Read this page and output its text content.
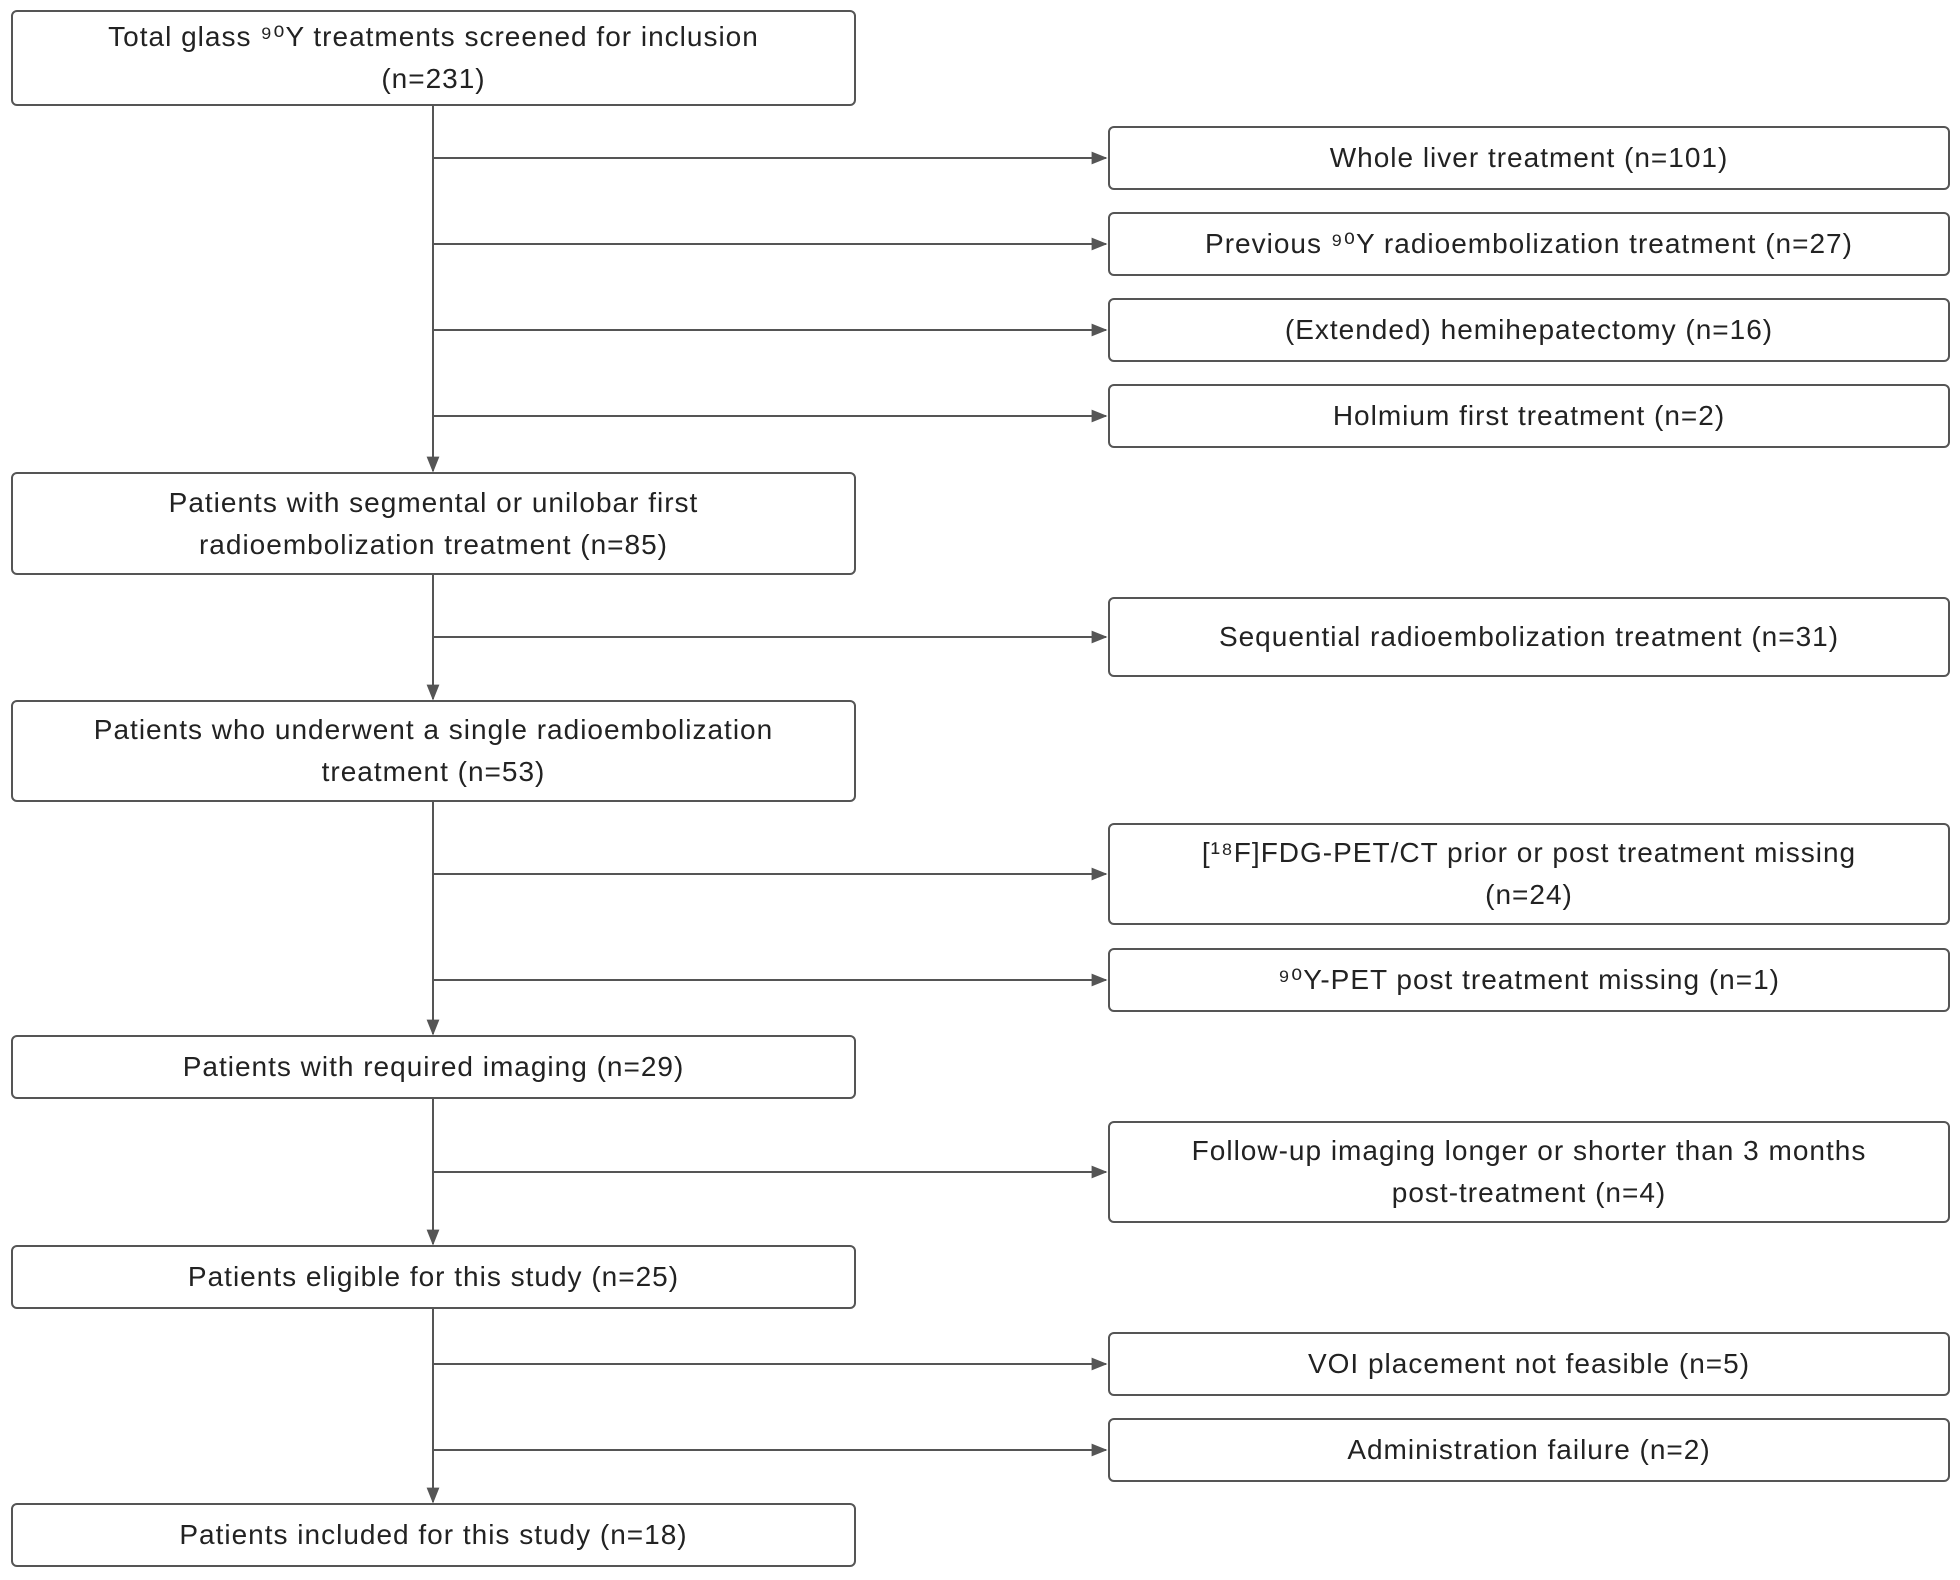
Total glass ⁹⁰Y treatments screened for inclusion
(n=231)
Patients with segmental or unilobar first
radioembolization treatment (n=85)
Patients who underwent a single radioembolization
treatment (n=53)
Patients with required imaging (n=29)
Patients eligible for this study (n=25)
Patients included for this study (n=18)
Whole liver treatment (n=101)
Previous ⁹⁰Y radioembolization treatment (n=27)
(Extended) hemihepatectomy (n=16)
Holmium first treatment (n=2)
Sequential radioembolization treatment (n=31)
[¹⁸F]FDG-PET/CT prior or post treatment missing
(n=24)
⁹⁰Y-PET post treatment missing (n=1)
Follow-up imaging longer or shorter than 3 months
post-treatment (n=4)
VOI placement not feasible (n=5)
Administration failure (n=2)
